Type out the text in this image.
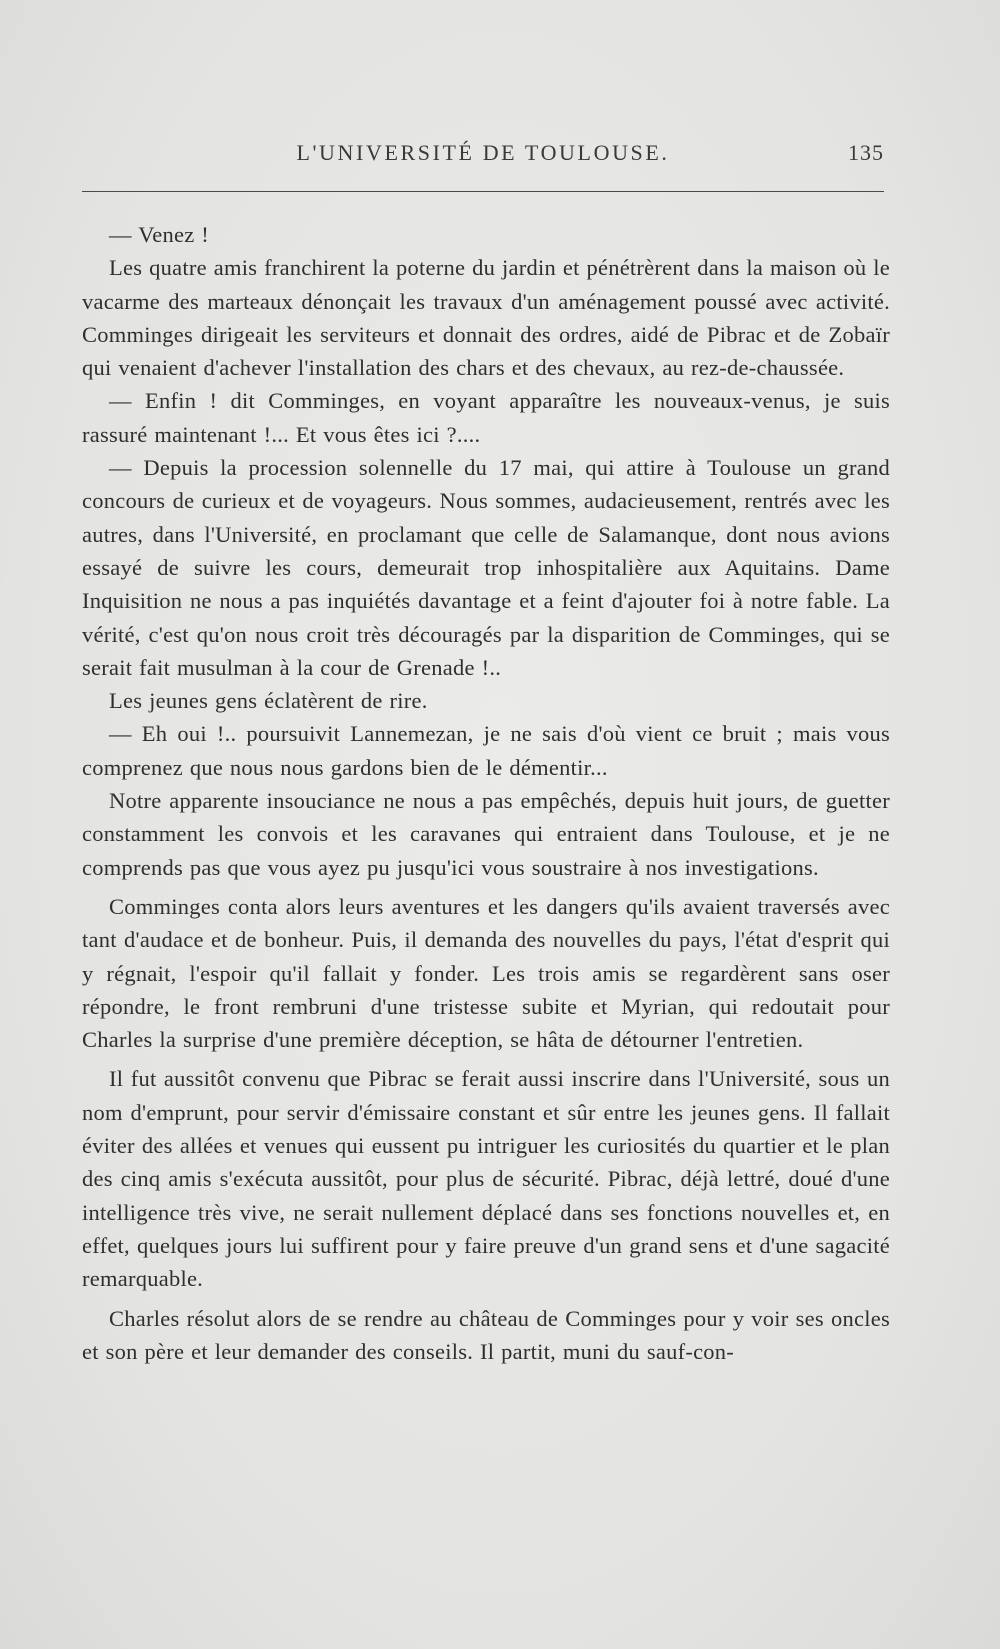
L'UNIVERSITÉ DE TOULOUSE.	135

— Venez !

Les quatre amis franchirent la poterne du jardin et pénétrèrent dans la maison où le vacarme des marteaux dénonçait les travaux d'un aménagement poussé avec activité. Comminges dirigeait les serviteurs et donnait des ordres, aidé de Pibrac et de Zobaïr qui venaient d'achever l'installation des chars et des chevaux, au rez-de-chaussée.

— Enfin ! dit Comminges, en voyant apparaître les nouveaux-venus, je suis rassuré maintenant !... Et vous êtes ici ?....

— Depuis la procession solennelle du 17 mai, qui attire à Toulouse un grand concours de curieux et de voyageurs. Nous sommes, audacieusement, rentrés avec les autres, dans l'Université, en proclamant que celle de Salamanque, dont nous avions essayé de suivre les cours, demeurait trop inhospitalière aux Aquitains. Dame Inquisition ne nous a pas inquiétés davantage et a feint d'ajouter foi à notre fable. La vérité, c'est qu'on nous croit très découragés par la disparition de Comminges, qui se serait fait musulman à la cour de Grenade !..

Les jeunes gens éclatèrent de rire.

— Eh oui !.. poursuivit Lannemezan, je ne sais d'où vient ce bruit ; mais vous comprenez que nous nous gardons bien de le démentir...

Notre apparente insouciance ne nous a pas empêchés, depuis huit jours, de guetter constamment les convois et les caravanes qui entraient dans Toulouse, et je ne comprends pas que vous ayez pu jusqu'ici vous soustraire à nos investigations.

Comminges conta alors leurs aventures et les dangers qu'ils avaient traversés avec tant d'audace et de bonheur. Puis, il demanda des nouvelles du pays, l'état d'esprit qui y régnait, l'espoir qu'il fallait y fonder. Les trois amis se regardèrent sans oser répondre, le front rembruni d'une tristesse subite et Myrian, qui redoutait pour Charles la surprise d'une première déception, se hâta de détourner l'entretien.

Il fut aussitôt convenu que Pibrac se ferait aussi inscrire dans l'Université, sous un nom d'emprunt, pour servir d'émissaire constant et sûr entre les jeunes gens. Il fallait éviter des allées et venues qui eussent pu intriguer les curiosités du quartier et le plan des cinq amis s'exécuta aussitôt, pour plus de sécurité. Pibrac, déjà lettré, doué d'une intelligence très vive, ne serait nullement déplacé dans ses fonctions nouvelles et, en effet, quelques jours lui suffirent pour y faire preuve d'un grand sens et d'une sagacité remarquable.

Charles résolut alors de se rendre au château de Comminges pour y voir ses oncles et son père et leur demander des conseils. Il partit, muni du sauf-con-
